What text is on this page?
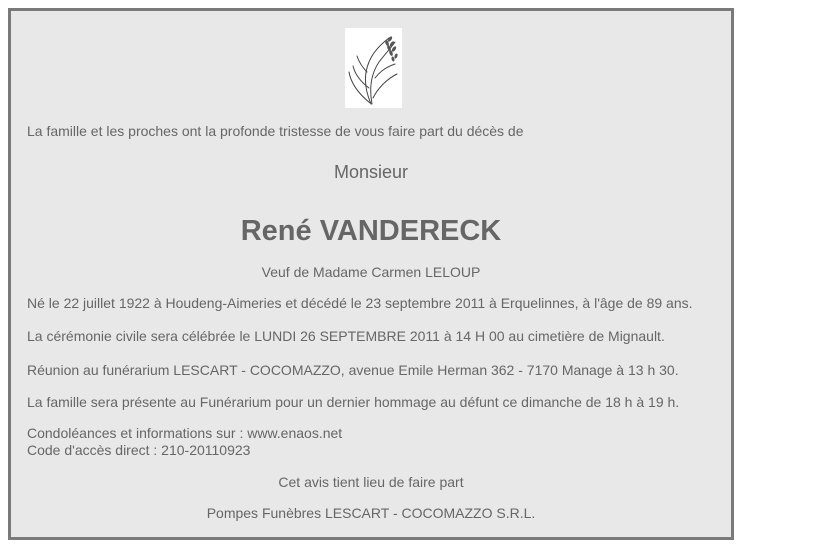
La famille et les proches ont la profonde tristesse de vous faire part du décès de
Monsieur
René VANDERECK
Veuf de Madame Carmen LELOUP
Né le 22 juillet 1922 à Houdeng-Aimeries et décédé le 23 septembre 2011 à Erquelinnes, à l'âge de 89 ans.
La cérémonie civile sera célébrée le LUNDI 26 SEPTEMBRE 2011 à 14 H 00 au cimetière de Mignault.
Réunion au funérarium LESCART - COCOMAZZO, avenue Emile Herman 362 - 7170 Manage à 13 h 30.
La famille sera présente au Funérarium pour un dernier hommage au défunt ce dimanche de 18 h à 19 h.
Condoléances et informations sur : www.enaos.net
Code d'accès direct : 210-20110923
Cet avis tient lieu de faire part
Pompes Funèbres LESCART - COCOMAZZO S.R.L.
